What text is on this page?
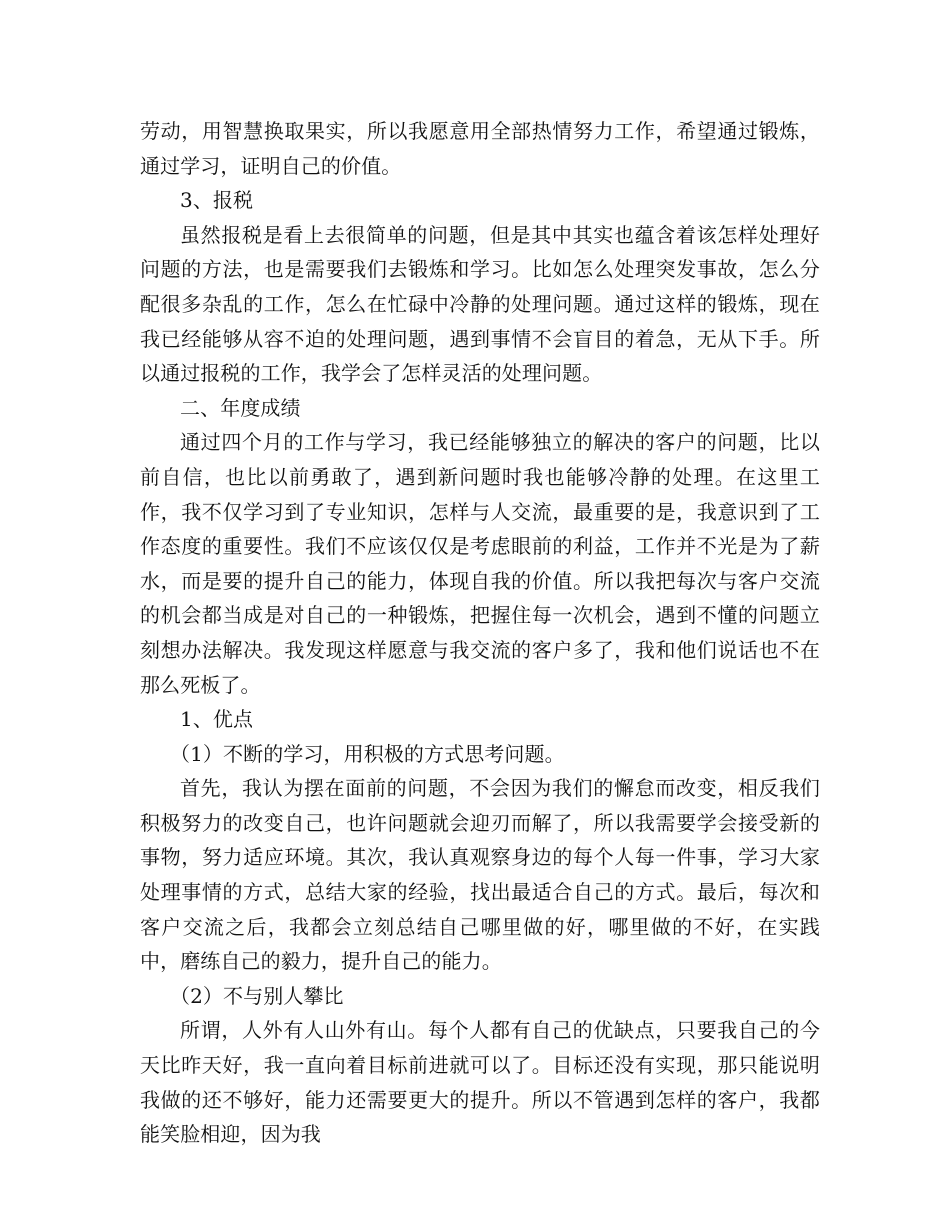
劳动，用智慧换取果实，所以我愿意用全部热情努力工作，希望通过锻炼，通过学习，证明自己的价值。

3、报税

虽然报税是看上去很简单的问题，但是其中其实也蕴含着该怎样处理好问题的方法，也是需要我们去锻炼和学习。比如怎么处理突发事故，怎么分配很多杂乱的工作，怎么在忙碌中冷静的处理问题。通过这样的锻炼，现在我已经能够从容不迫的处理问题，遇到事情不会盲目的着急，无从下手。所以通过报税的工作，我学会了怎样灵活的处理问题。

二、年度成绩

通过四个月的工作与学习，我已经能够独立的解决的客户的问题，比以前自信，也比以前勇敢了，遇到新问题时我也能够冷静的处理。在这里工作，我不仅学习到了专业知识，怎样与人交流，最重要的是，我意识到了工作态度的重要性。我们不应该仅仅是考虑眼前的利益，工作并不光是为了薪水，而是要的提升自己的能力，体现自我的价值。所以我把每次与客户交流的机会都当成是对自己的一种锻炼，把握住每一次机会，遇到不懂的问题立刻想办法解决。我发现这样愿意与我交流的客户多了，我和他们说话也不在那么死板了。

1、优点

（1）不断的学习，用积极的方式思考问题。

首先，我认为摆在面前的问题，不会因为我们的懈怠而改变，相反我们积极努力的改变自己，也许问题就会迎刃而解了，所以我需要学会接受新的事物，努力适应环境。其次，我认真观察身边的每个人每一件事，学习大家处理事情的方式，总结大家的经验，找出最适合自己的方式。最后，每次和客户交流之后，我都会立刻总结自己哪里做的好，哪里做的不好，在实践中，磨练自己的毅力，提升自己的能力。

（2）不与别人攀比

所谓，人外有人山外有山。每个人都有自己的优缺点，只要我自己的今天比昨天好，我一直向着目标前进就可以了。目标还没有实现，那只能说明我做的还不够好，能力还需要更大的提升。所以不管遇到怎样的客户，我都能笑脸相迎，因为我
